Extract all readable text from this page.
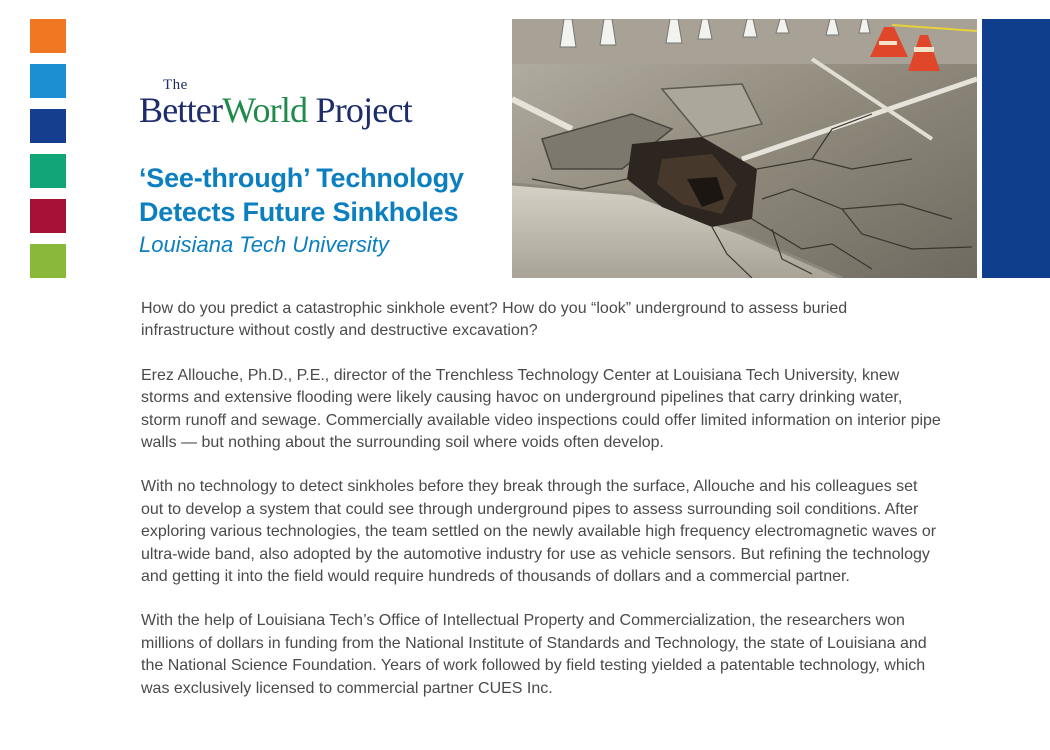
The
BetterWorld Project
‘See-through’ Technology
Detects Future Sinkholes
Louisiana Tech University

How do you predict a catastrophic sinkhole event? How do you “look” underground to assess buried infrastructure without costly and destructive excavation?

Erez Allouche, Ph.D., P.E., director of the Trenchless Technology Center at Louisiana Tech University, knew storms and extensive flooding were likely causing havoc on underground pipelines that carry drinking water, storm runoff and sewage. Commercially available video inspections could offer limited information on interior pipe walls — but nothing about the surrounding soil where voids often develop.

With no technology to detect sinkholes before they break through the surface, Allouche and his colleagues set out to develop a system that could see through underground pipes to assess surrounding soil conditions. After exploring various technologies, the team settled on the newly available high frequency electromagnetic waves or ultra-wide band, also adopted by the automotive industry for use as vehicle sensors. But refining the technology and getting it into the field would require hundreds of thousands of dollars and a commercial partner.

With the help of Louisiana Tech’s Office of Intellectual Property and Commercialization, the researchers won millions of dollars in funding from the National Institute of Standards and Technology, the state of Louisiana and the National Science Foundation. Years of work followed by field testing yielded a patentable technology, which was exclusively licensed to commercial partner CUES Inc.
